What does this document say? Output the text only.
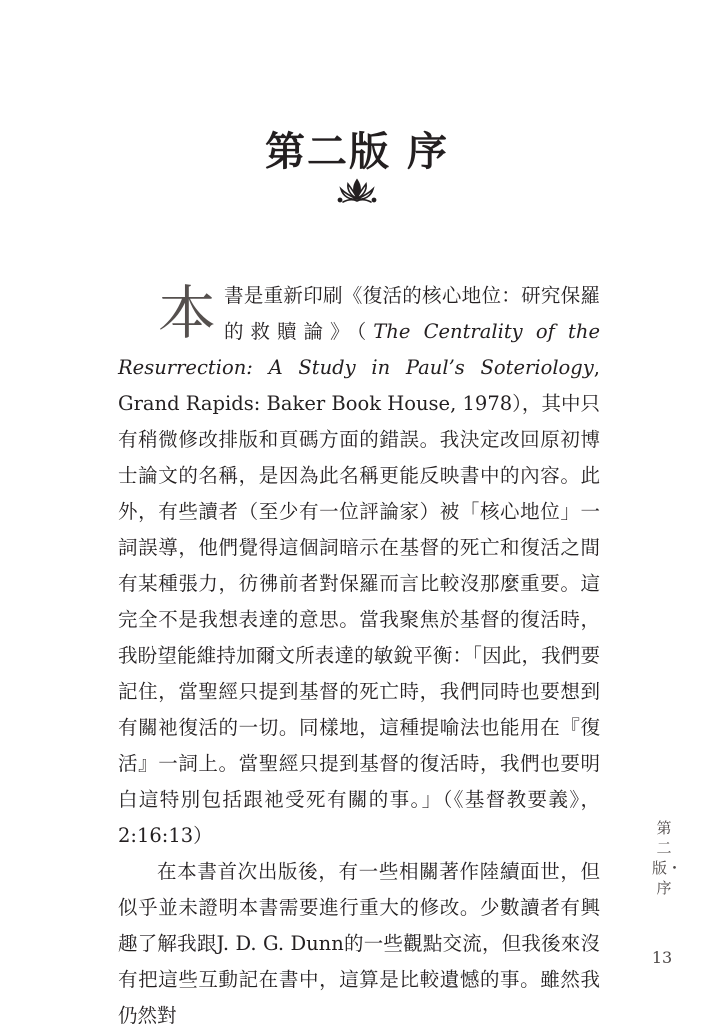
第二版 序

本書是重新印刷《復活的核心地位：研究保羅的救贖論》（The Centrality of the Resurrection: A Study in Paul’s Soteriology, Grand Rapids: Baker Book House, 1978），其中只有稍微修改排版和頁碼方面的錯誤。我決定改回原初博士論文的名稱，是因為此名稱更能反映書中的內容。此外，有些讀者（至少有一位評論家）被「核心地位」一詞誤導，他們覺得這個詞暗示在基督的死亡和復活之間有某種張力，彷彿前者對保羅而言比較沒那麼重要。這完全不是我想表達的意思。當我聚焦於基督的復活時，我盼望能維持加爾文所表達的敏銳平衡：「因此，我們要記住，當聖經只提到基督的死亡時，我們同時也要想到有關祂復活的一切。同樣地，這種提喻法也能用在『復活』一詞上。當聖經只提到基督的復活時，我們也要明白這特別包括跟祂受死有關的事。」（《基督教要義》，2:16:13）

在本書首次出版後，有一些相關著作陸續面世，但似乎並未證明本書需要進行重大的修改。少數讀者有興趣了解我跟J. D. G. Dunn的一些觀點交流，但我後來沒有把這些互動記在書中，這算是比較遺憾的事。雖然我仍然對

第二版・序
13
